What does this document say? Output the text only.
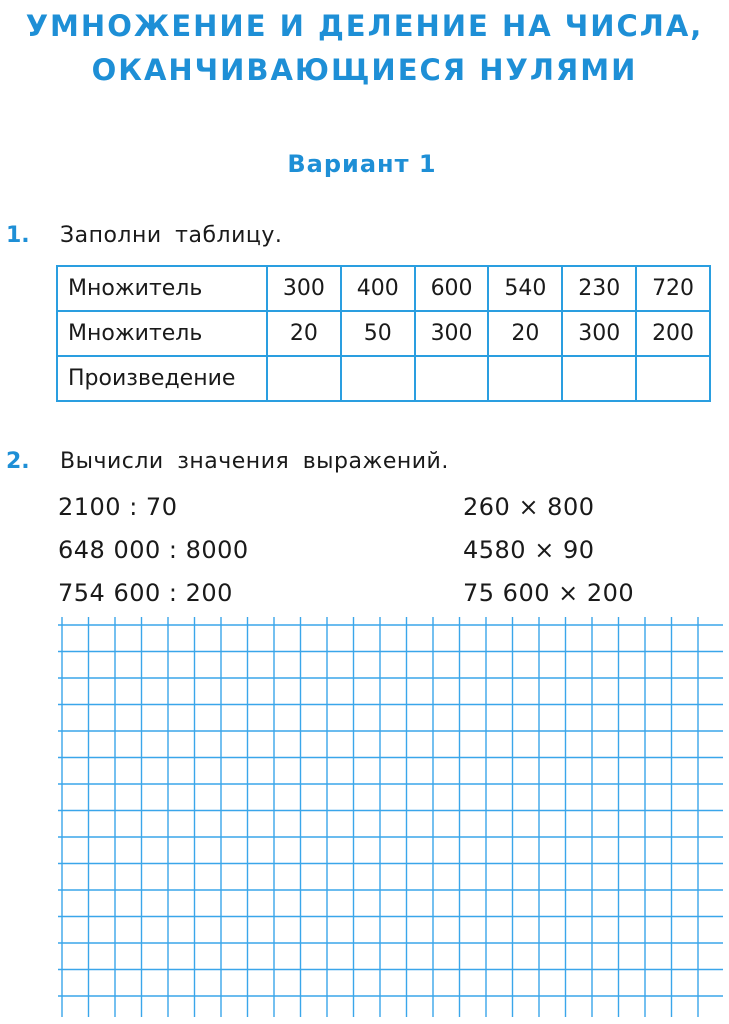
УМНОЖЕНИЕ И ДЕЛЕНИЕ НА ЧИСЛА,
ОКАНЧИВАЮЩИЕСЯ НУЛЯМИ
Вариант 1
1. Заполни таблицу.
Множитель	300	400	600	540	230	720
Множитель	20	50	300	20	300	200
Произведение						
2. Вычисли значения выражений.
2100 : 70
648 000 : 8000
754 600 : 200
260 × 800
4580 × 90
75 600 × 200
